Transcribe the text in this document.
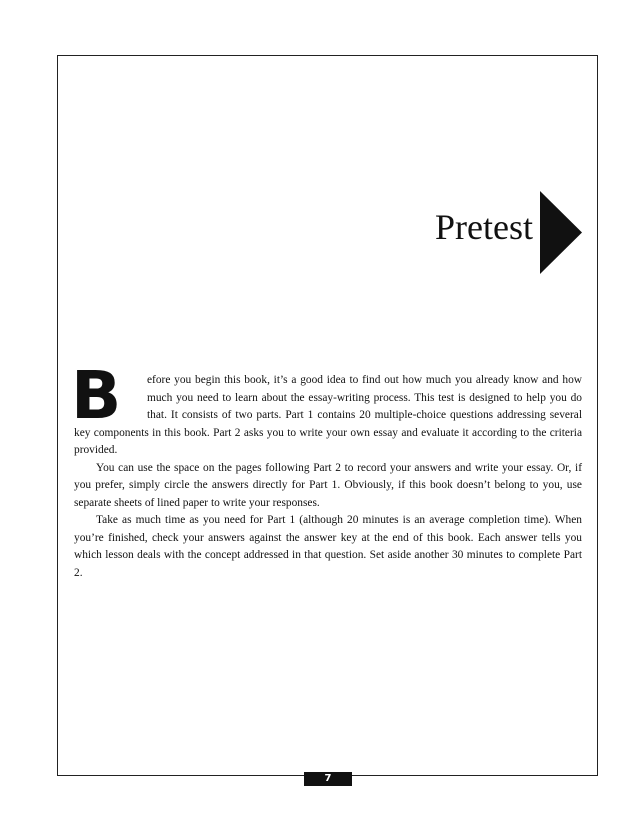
Pretest
B	efore you begin this book, it’s a good idea to find out how much you already know and how much you need to learn about the essay-writing process. This test is designed to help you do that. It consists of two parts. Part 1 contains 20 multiple-choice questions addressing several key components in this book. Part 2 asks you to write your own essay and evaluate it according to the criteria provided.

You can use the space on the pages following Part 2 to record your answers and write your essay. Or, if you prefer, simply circle the answers directly for Part 1. Obviously, if this book doesn’t belong to you, use separate sheets of lined paper to write your responses.

Take as much time as you need for Part 1 (although 20 minutes is an average completion time). When you’re finished, check your answers against the answer key at the end of this book. Each answer tells you which lesson deals with the concept addressed in that question. Set aside another 30 minutes to complete Part 2.

7
